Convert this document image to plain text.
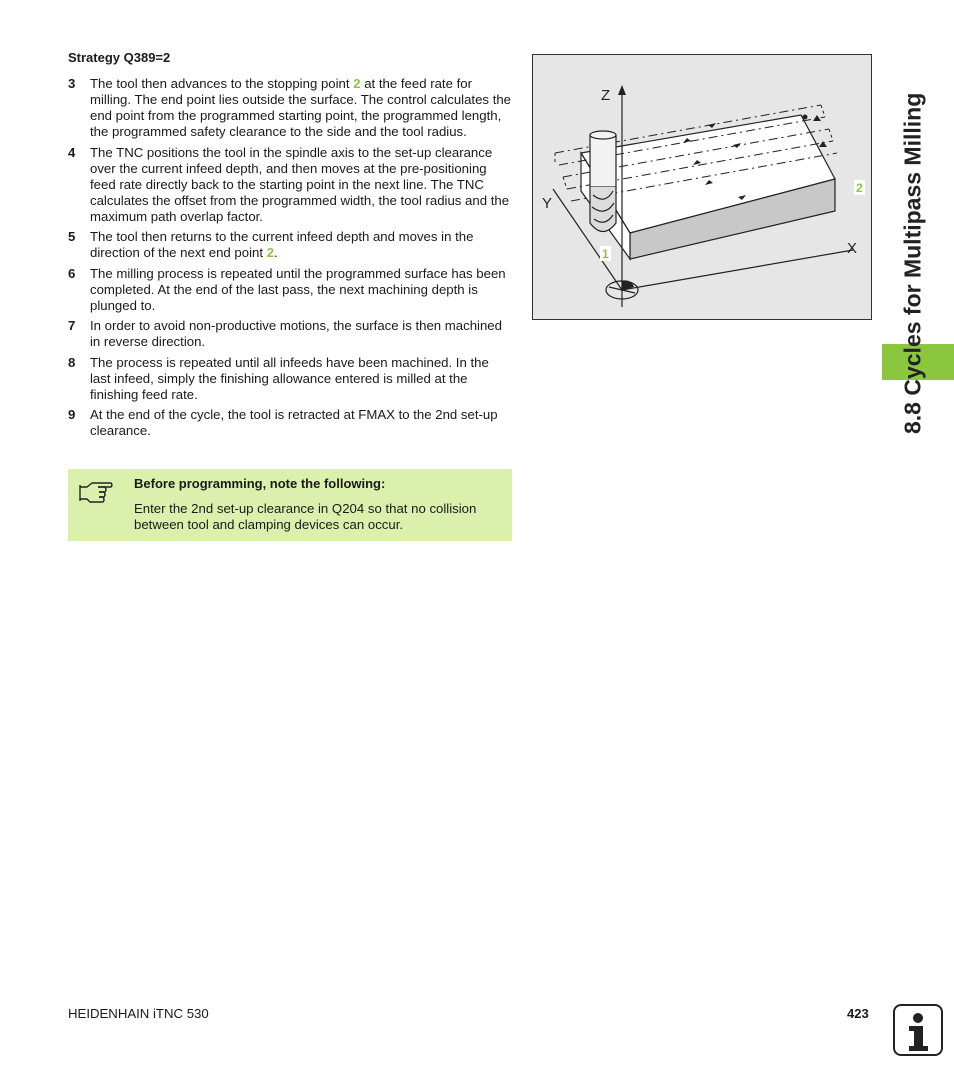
Strategy Q389=2
3	The tool then advances to the stopping point 2 at the feed rate for milling. The end point lies outside the surface. The control calculates the end point from the programmed starting point, the programmed length, the programmed safety clearance to the side and the tool radius.
4	The TNC positions the tool in the spindle axis to the set-up clearance over the current infeed depth, and then moves at the pre-positioning feed rate directly back to the starting point in the next line. The TNC calculates the offset from the programmed width, the tool radius and the maximum path overlap factor.
5	The tool then returns to the current infeed depth and moves in the direction of the next end point 2.
6	The milling process is repeated until the programmed surface has been completed. At the end of the last pass, the next machining depth is plunged to.
7	In order to avoid non-productive motions, the surface is then machined in reverse direction.
8	The process is repeated until all infeeds have been machined. In the last infeed, simply the finishing allowance entered is milled at the finishing feed rate.
9	At the end of the cycle, the tool is retracted at FMAX to the 2nd set-up clearance.
Before programming, note the following:
Enter the 2nd set-up clearance in Q204 so that no collision between tool and clamping devices can occur.
Z
Y
X
1
2 8.8 Cycles for Multipass Milling
HEIDENHAIN iTNC 530	423
